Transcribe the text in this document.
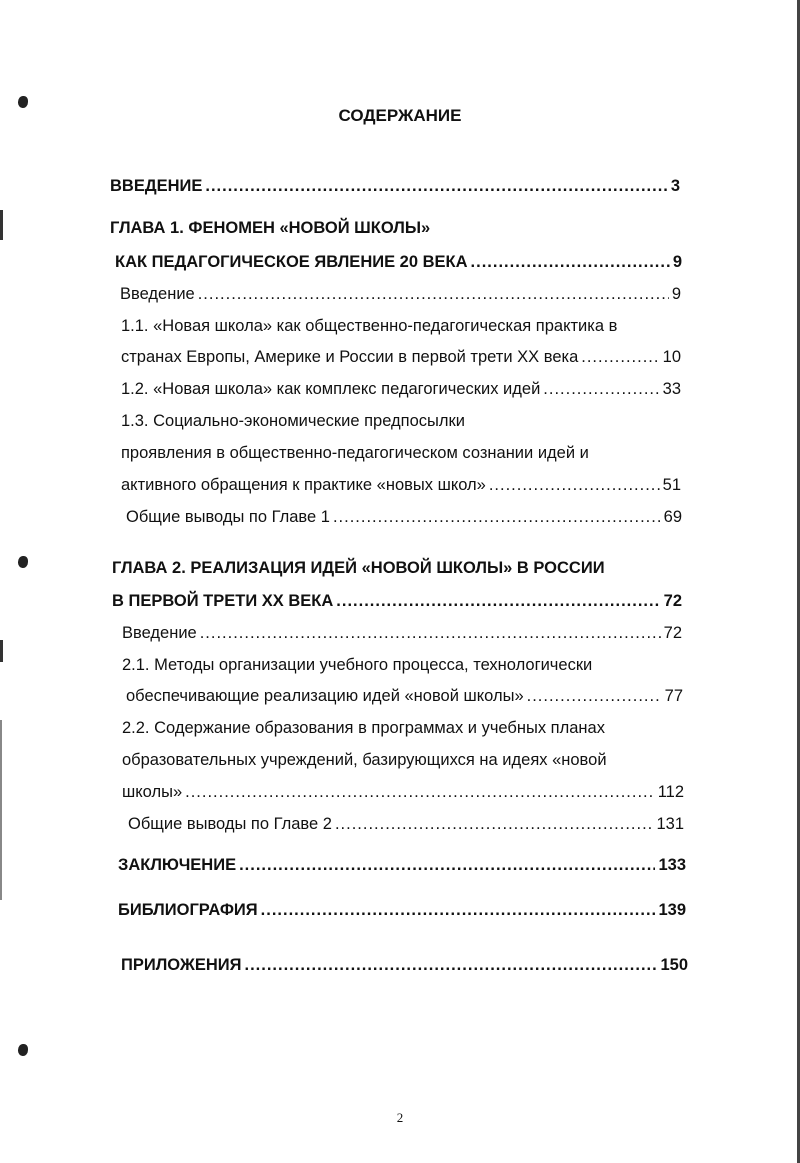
СОДЕРЖАНИЕ
ВВЕДЕНИЕ .....	3
ГЛАВА 1. ФЕНОМЕН «НОВОЙ ШКОЛЫ»
КАК ПЕДАГОГИЧЕСКОЕ ЯВЛЕНИЕ 20 ВЕКА .....	9
Введение .....	9
1.1. «Новая школа» как общественно-педагогическая практика в
странах Европы, Америке и России в первой трети XX века .....	10
1.2. «Новая школа» как комплекс педагогических идей .....	33
1.3. Социально-экономические предпосылки
проявления в общественно-педагогическом сознании идей и
активного обращения к практике «новых школ» .....	51
Общие выводы по Главе 1 .....	69
ГЛАВА 2. РЕАЛИЗАЦИЯ ИДЕЙ «НОВОЙ ШКОЛЫ» В РОССИИ
В ПЕРВОЙ ТРЕТИ XX ВЕКА .....	72
Введение .....	72
2.1. Методы организации учебного процесса, технологически
обеспечивающие реализацию идей «новой школы» .....	77
2.2. Содержание образования в программах и учебных планах
образовательных учреждений, базирующихся на идеях «новой
школы» .....	112
Общие выводы по Главе 2 .....	131
ЗАКЛЮЧЕНИЕ .....	133
БИБЛИОГРАФИЯ .....	139
ПРИЛОЖЕНИЯ .....	150
2
